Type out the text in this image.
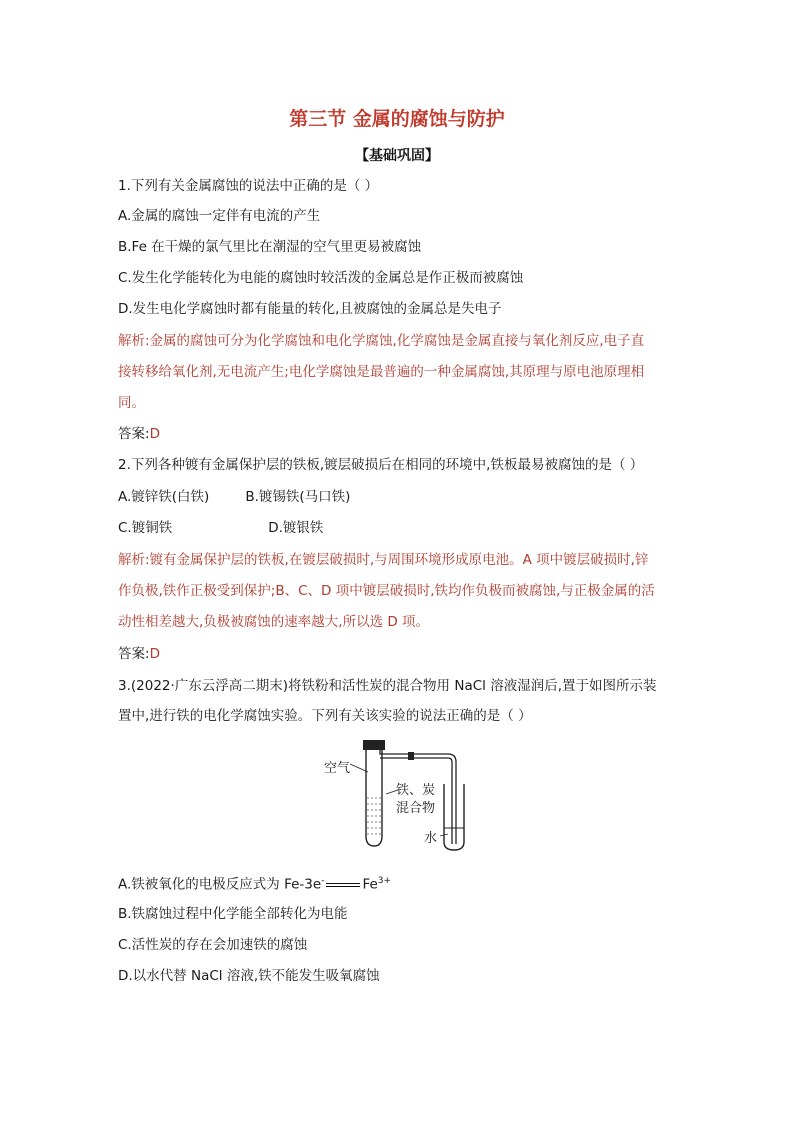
第三节 金属的腐蚀与防护
【基础巩固】
1.下列有关金属腐蚀的说法中正确的是（ ）
A.金属的腐蚀一定伴有电流的产生
B.Fe 在干燥的氯气里比在潮湿的空气里更易被腐蚀
C.发生化学能转化为电能的腐蚀时较活泼的金属总是作正极而被腐蚀
D.发生电化学腐蚀时都有能量的转化,且被腐蚀的金属总是失电子
解析:金属的腐蚀可分为化学腐蚀和电化学腐蚀,化学腐蚀是金属直接与氧化剂反应,电子直
接转移给氧化剂,无电流产生;电化学腐蚀是最普遍的一种金属腐蚀,其原理与原电池原理相
同。
答案:D
2.下列各种镀有金属保护层的铁板,镀层破损后在相同的环境中,铁板最易被腐蚀的是（ ）
A.镀锌铁(白铁)	B.镀锡铁(马口铁)
C.镀铜铁	D.镀银铁
解析:镀有金属保护层的铁板,在镀层破损时,与周围环境形成原电池。A 项中镀层破损时,锌
作负极,铁作正极受到保护;B、C、D 项中镀层破损时,铁均作负极而被腐蚀,与正极金属的活
动性相差越大,负极被腐蚀的速率越大,所以选 D 项。
答案:D
3.(2022·广东云浮高二期末)将铁粉和活性炭的混合物用 NaCl 溶液湿润后,置于如图所示装
置中,进行铁的电化学腐蚀实验。下列有关该实验的说法正确的是（ ）
空气
铁、炭
混合物
水
A.铁被氧化的电极反应式为 Fe-3e-	$Fe^{3+}$
B.铁腐蚀过程中化学能全部转化为电能
C.活性炭的存在会加速铁的腐蚀
D.以水代替 NaCl 溶液,铁不能发生吸氧腐蚀
